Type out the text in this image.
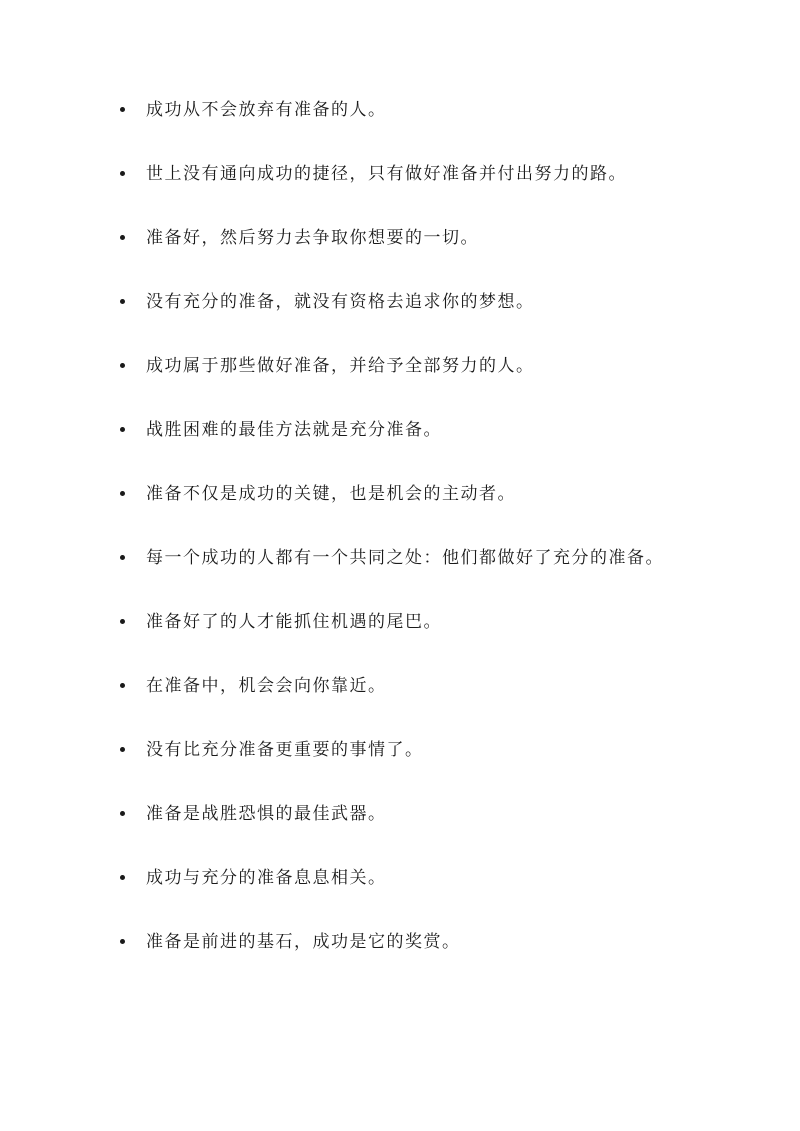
成功从不会放弃有准备的人。
世上没有通向成功的捷径，只有做好准备并付出努力的路。
准备好，然后努力去争取你想要的一切。
没有充分的准备，就没有资格去追求你的梦想。
成功属于那些做好准备，并给予全部努力的人。
战胜困难的最佳方法就是充分准备。
准备不仅是成功的关键，也是机会的主动者。
每一个成功的人都有一个共同之处：他们都做好了充分的准备。
准备好了的人才能抓住机遇的尾巴。
在准备中，机会会向你靠近。
没有比充分准备更重要的事情了。
准备是战胜恐惧的最佳武器。
成功与充分的准备息息相关。
准备是前进的基石，成功是它的奖赏。
